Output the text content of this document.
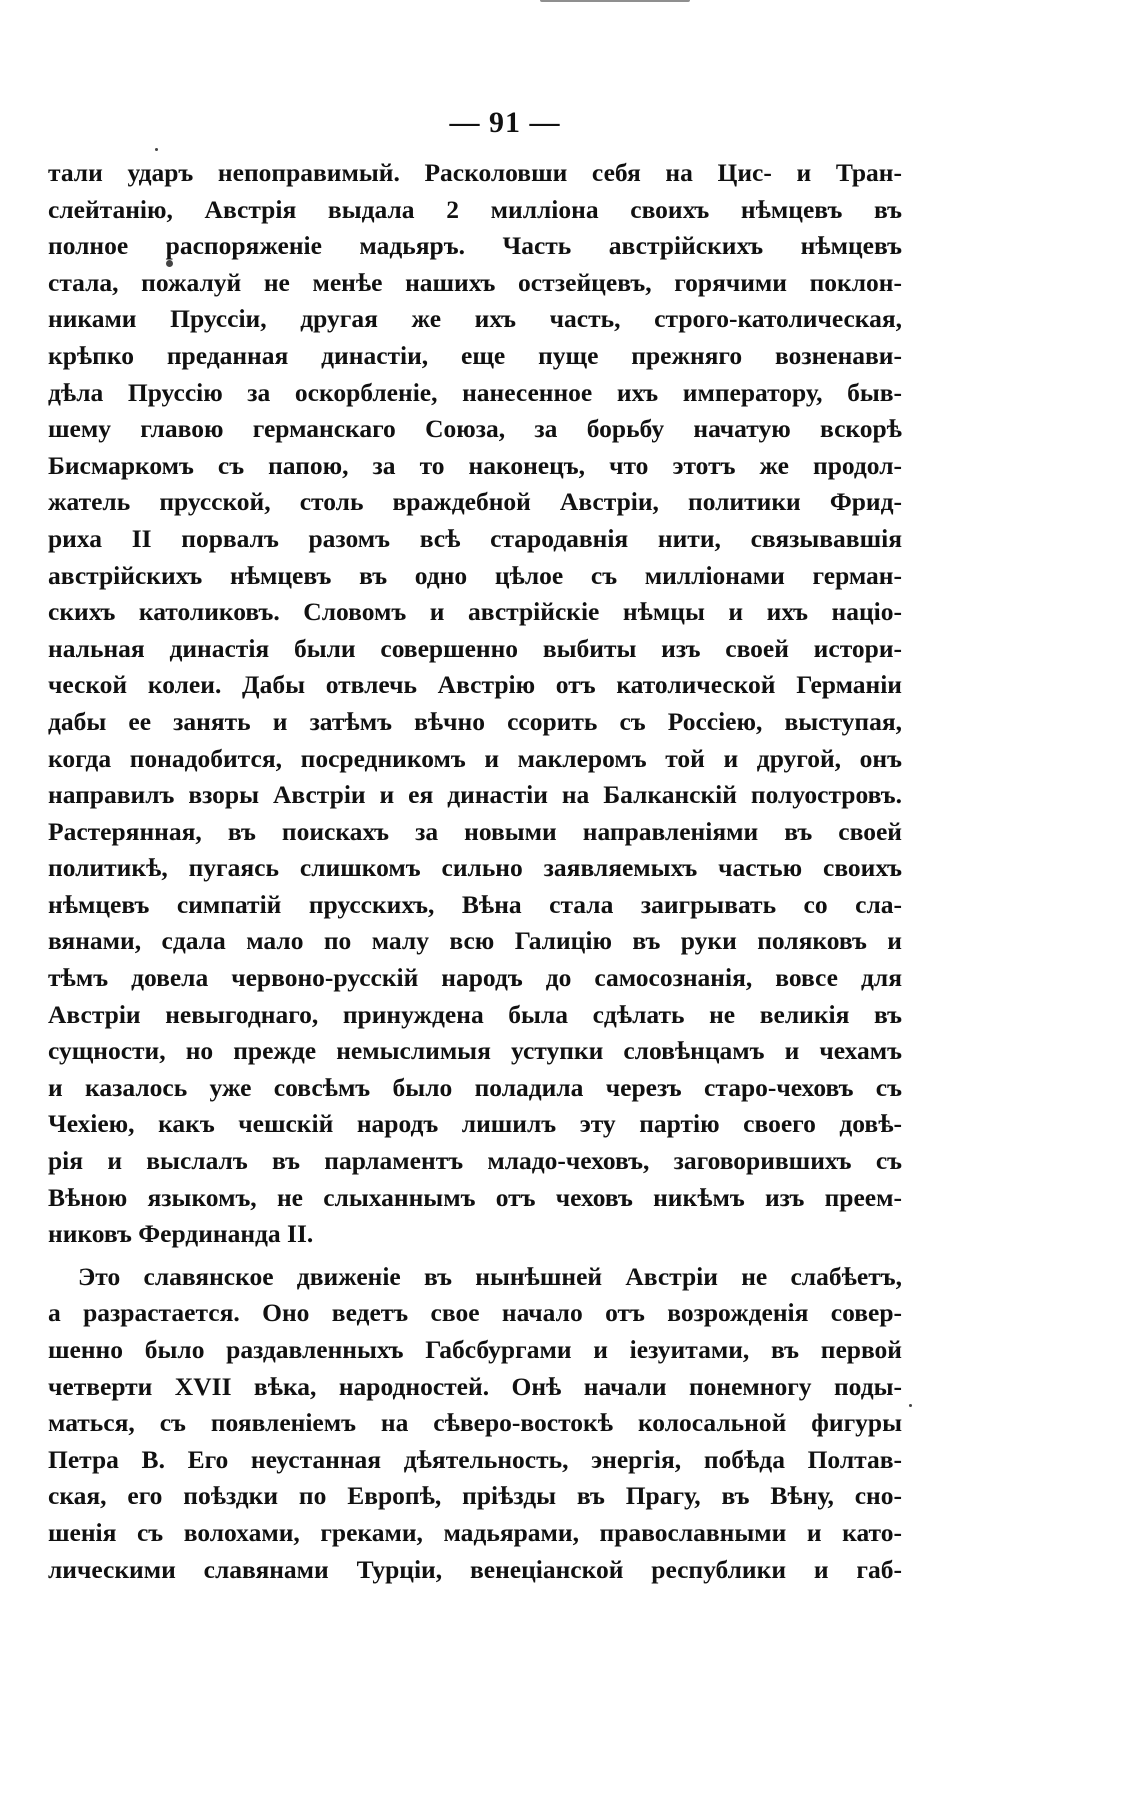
— 91 —
тали ударъ непоправимый. Расколовши себя на Цис- и Тран-
слейтанію, Австрія выдала 2 милліона своихъ нѣмцевъ въ
полное распоряженіе мадьяръ. Часть австрійскихъ нѣмцевъ
стала, пожалуй не менѣе нашихъ остзейцевъ, горячими поклон-
никами Пруссіи, другая же ихъ часть, строго-католическая,
крѣпко преданная династіи, еще пуще прежняго возненави-
дѣла Пруссію за оскорбленіе, нанесенное ихъ императору, быв-
шему главою германскаго Союза, за борьбу начатую вскорѣ
Бисмаркомъ съ папою, за то наконецъ, что этотъ же продол-
жатель прусской, столь враждебной Австріи, политики Фрид-
риха II порвалъ разомъ всѣ стародавнія нити, связывавшія
австрійскихъ нѣмцевъ въ одно цѣлое съ милліонами герман-
скихъ католиковъ. Словомъ и австрійскіе нѣмцы и ихъ націо-
нальная династія были совершенно выбиты изъ своей истори-
ческой колеи. Дабы отвлечь Австрію отъ католической Германіи
дабы ее занять и затѣмъ вѣчно ссорить съ Россіею, выступая,
когда понадобится, посредникомъ и маклеромъ той и другой, онъ
направилъ взоры Австріи и ея династіи на Балканскій полуостровъ.
Растерянная, въ поискахъ за новыми направленіями въ своей
политикѣ, пугаясь слишкомъ сильно заявляемыхъ частью своихъ
нѣмцевъ симпатій прусскихъ, Вѣна стала заигрывать со сла-
вянами, сдала мало по малу всю Галицію въ руки поляковъ и
тѣмъ довела червоно-русскій народъ до самосознанія, вовсе для
Австріи невыгоднаго, принуждена была сдѣлать не великія въ
сущности, но прежде немыслимыя уступки словѣнцамъ и чехамъ
и казалось уже совсѣмъ было поладила черезъ старо-чеховъ съ
Чехіею, какъ чешскій народъ лишилъ эту партію своего довѣ-
рія и выслалъ въ парламентъ младо-чеховъ, заговорившихъ съ
Вѣною языкомъ, не слыханнымъ отъ чеховъ никѣмъ изъ преем-
никовъ Фердинанда II.
Это славянское движеніе въ нынѣшней Австріи не слабѣетъ,
а разрастается. Оно ведетъ свое начало отъ возрожденія совер-
шенно было раздавленныхъ Габсбургами и іезуитами, въ первой
четверти XVII вѣка, народностей. Онѣ начали понемногу поды-
маться, съ появленіемъ на сѣверо-востокѣ колосальной фигуры
Петра В. Его неустанная дѣятельность, энергія, побѣда Полтав-
ская, его поѣздки по Европѣ, пріѣзды въ Прагу, въ Вѣну, сно-
шенія съ волохами, греками, мадьярами, православными и като-
лическими славянами Турціи, венеціанской республики и габ-
